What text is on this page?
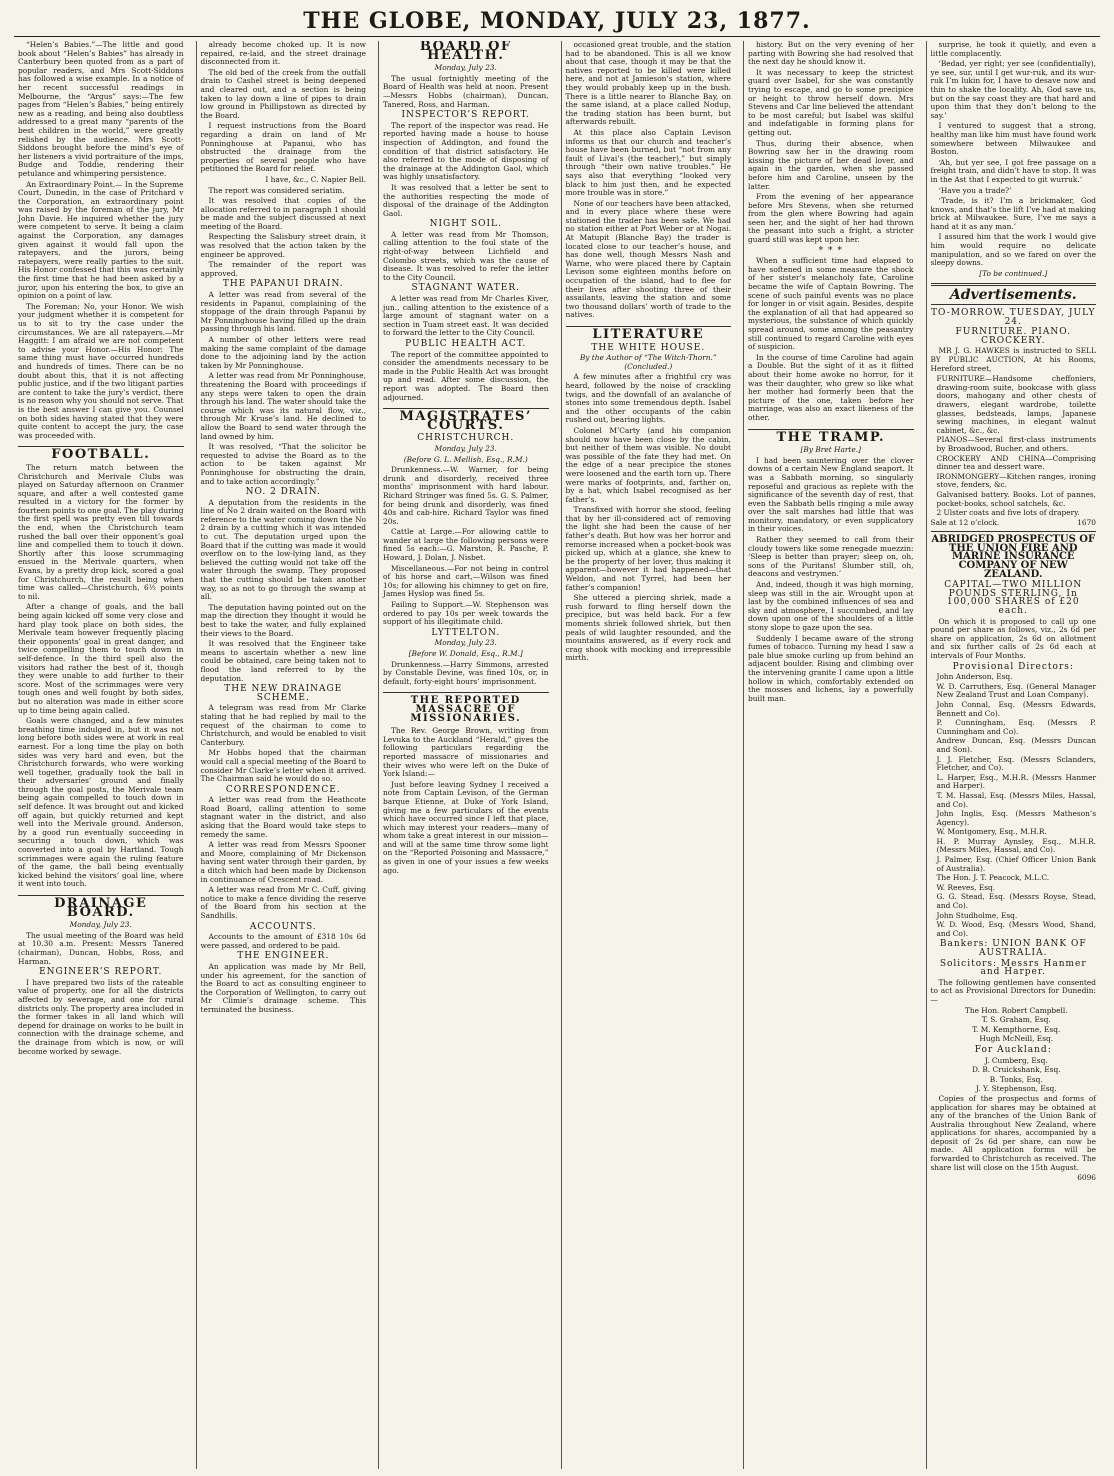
THE GLOBE, MONDAY, JULY 23, 1877.

“Helen’s Babies.”—The little and good book about “Helen’s Babies” has already in Canterbury been quoted from as a part of popular readers, and Mrs Scott-Siddons has followed a wise example. In a notice of her recent successful readings in Melbourne, the “Argus” says:—The few pages from “Helen’s Babies,” being entirely new as a reading, and being also doubtless addressed to a great many “parents of the best children in the world,” were greatly relished by the audience. Mrs Scott-Siddons brought before the mind’s eye of her listeners a vivid portraiture of the imps, Budge and Toddie, rendering their petulance and whimpering persistence.

An Extraordinary Point.— In the Supreme Court, Dunedin, in the case of Pritchard v the Corporation, an extraordinary point was raised by the foreman of the jury, Mr John Davie. He inquired whether the jury were competent to serve. It being a claim against the Corporation, any damages given against it would fall upon the ratepayers, and the jurors, being ratepayers, were really parties to the suit. His Honor confessed that this was certainly the first time that he had been asked by a juror, upon his entering the box, to give an opinion on a point of law.

The Foreman: No, your Honor. We wish your judgment whether it is competent for us to sit to try the case under the circumstances. We are all ratepayers.—Mr Haggitt: I am afraid we are not competent to advise your Honor.—His Honor: The same thing must have occurred hundreds and hundreds of times. There can be no doubt about this, that it is not affecting public justice, and if the two litigant parties are content to take the jury’s verdict, there is no reason why you should not serve. That is the best answer I can give you. Counsel on both sides having stated that they were quite content to accept the jury, the case was proceeded with.

FOOTBALL.

The return match between the Christchurch and Merivale Clubs was played on Saturday afternoon on Cranmer square, and after a well contested game resulted in a victory for the former by fourteen points to one goal. The play during the first spell was pretty even till towards the end, when the Christchurch team rushed the ball over their opponent’s goal line and compelled them to touch it down. Shortly after this loose scrummaging ensued in the Merivale quarters, when Evans, by a pretty drop kick, scored a goal for Christchurch, the result being when time was called—Christchurch, 6½ points to nil.

After a change of goals, and the ball being again kicked off some very close and hard play took place on both sides, the Merivale team however frequently placing their opponents’ goal in great danger, and twice compelling them to touch down in self-defence. In the third spell also the visitors had rather the best of it, though they were unable to add further to their score. Most of the scrimmages were very tough ones and well fought by both sides, but no alteration was made in either score up to time being again called.

Goals were changed, and a few minutes breathing time indulged in, but it was not long before both sides were at work in real earnest. For a long time the play on both sides was very hard and even, but the Christchurch forwards, who were working well together, gradually took the ball in their adversaries’ ground and finally through the goal posts, the Merivale team being again compelled to touch down in self defence. It was brought out and kicked off again, but quickly returned and kept well into the Merivale ground. Anderson, by a good run eventually succeeding in securing a touch down, which was converted into a goal by Hartland. Tough scrimmages were again the ruling feature of the game, the ball being eventually kicked behind the visitors’ goal line, where it went into touch.

DRAINAGE BOARD.
Monday, July 23.

The usual meeting of the Board was held at 10.30 a.m. Present: Messrs Tanered (chairman), Duncan, Hobbs, Ross, and Harman.

ENGINEER’S REPORT.

I have prepared two lists of the rateable value of property, one for all the districts affected by sewerage, and one for rural districts only. The property area included in the former takes in all land which will depend for drainage on works to be built in connection with the drainage scheme, and the drainage from which is now, or will become worked by sewage.

already become choked up. It is now repaired, re-laid, and the street drainage disconnected from it.

The old bed of the creek from the outfall drain to Cashel street is being deepened and cleared out, and a section is being taken to lay down a line of pipes to drain low ground in Phillipstown as directed by the Board.

I request instructions from the Board regarding a drain on land of Mr Ponninghouse at Papanui, who has obstructed the drainage from the properties of several people who have petitioned the Board for relief.

I have, &c., C. Napier Bell.

The report was considered seriatim.

It was resolved that copies of the allocation referred to in paragraph 1 should be made and the subject discussed at next meeting of the Board.

Respecting the Salisbury street drain, it was resolved that the action taken by the engineer be approved.

The remainder of the report was approved.

THE PAPANUI DRAIN.

A letter was read from several of the residents in Papanui, complaining of the stoppage of the drain through Papanui by Mr Ponninghouse having filled up the drain passing through his land.

A number of other letters were read making the same complaint of the damage done to the adjoining land by the action taken by Mr Ponninghouse.

A letter was read from Mr Ponninghouse, threatening the Board with proceedings if any steps were taken to open the drain through his land. The water should take the course which was its natural flow, viz., through Mr Kruse’s land. He declined to allow the Board to send water through the land owned by him.

It was resolved, “That the solicitor be requested to advise the Board as to the action to be taken against Mr Ponninghouse for obstructing the drain, and to take action accordingly.”

NO. 2 DRAIN.

A deputation from the residents in the line of No 2 drain waited on the Board with reference to the water coming down the No 2 drain by a cutting which it was intended to cut. The deputation urged upon the Board that if the cutting was made it would overflow on to the low-lying land, as they believed the cutting would not take off the water through the swamp. They proposed that the cutting should be taken another way, so as not to go through the swamp at all.

The deputation having pointed out on the map the direction they thought it would be best to take the water, and fully explained their views to the Board.

It was resolved that the Engineer take means to ascertain whether a new line could be obtained, care being taken not to flood the land referred to by the deputation.

THE NEW DRAINAGE SCHEME.

A telegram was read from Mr Clarke stating that he had replied by mail to the request of the chairman to come to Christchurch, and would be enabled to visit Canterbury.

Mr Hobbs hoped that the chairman would call a special meeting of the Board to consider Mr Clarke’s letter when it arrived. The Chairman said he would do so.

CORRESPONDENCE.

A letter was read from the Heathcote Road Board, calling attention to some stagnant water in the district, and also asking that the Board would take steps to remedy the same.

A letter was read from Messrs Spooner and Moore, complaining of Mr Dickenson having sent water through their garden, by a ditch which had been made by Dickenson in continuance of Crescent road.

A letter was read from Mr C. Cuff, giving notice to make a fence dividing the reserve of the Board from his section at the Sandhills.

ACCOUNTS.

Accounts to the amount of £318 10s 6d were passed, and ordered to be paid.

THE ENGINEER.

An application was made by Mr Bell, under his agreement, for the sanction of the Board to act as consulting engineer to the Corporation of Wellington, to carry out Mr Climie’s drainage scheme. This terminated the business.

BOARD OF HEALTH.
Monday, July 23.

The usual fortnightly meeting of the Board of Health was held at noon. Present—Messrs Hobbs (chairman), Duncan, Tanered, Ross, and Harman.

INSPECTOR’S REPORT.

The report of the inspector was read. He reported having made a house to house inspection of Addington, and found the condition of that district satisfactory. He also referred to the mode of disposing of the drainage at the Addington Gaol, which was highly unsatisfactory.

It was resolved that a letter be sent to the authorities respecting the mode of disposal of the drainage of the Addington Gaol.

NIGHT SOIL.

A letter was read from Mr Thomson, calling attention to the foul state of the right-of-way between Lichfield and Colombo streets, which was the cause of disease. It was resolved to refer the letter to the City Council.

STAGNANT WATER.

A letter was read from Mr Charles Kiver, jun., calling attention to the existence of a large amount of stagnant water on a section in Tuam street east. It was decided to forward the letter to the City Council.

PUBLIC HEALTH ACT.

The report of the committee appointed to consider the amendments necessary to be made in the Public Health Act was brought up and read. After some discussion, the report was adopted. The Board then adjourned.

MAGISTRATES’ COURTS.
CHRISTCHURCH.
Monday, July 23.
(Before G. L. Mellish, Esq., R.M.)

Drunkenness.—W. Warner, for being drunk and disorderly, received three months’ imprisonment with hard labour. Richard Stringer was fined 5s. G. S. Palmer, for being drunk and disorderly, was fined 40s and cab-hire. Richard Taylor was fined 20s.

Cattle at Large.—For allowing cattle to wander at large the following persons were fined 5s each:—G. Marston, R. Pasche, P. Howard, J. Dolan, J. Nisbet.

Miscellaneous.—For not being in control of his horse and cart,—Wilson was fined 10s; for allowing his chimney to get on fire, James Hyslop was fined 5s.

Failing to Support.—W. Stephenson was ordered to pay 10s per week towards the support of his illegitimate child.

LYTTELTON.
Monday, July 23.
[Before W. Donald, Esq., R.M.]

Drunkenness.—Harry Simmons, arrested by Constable Devine, was fined 10s, or, in default, forty-eight hours’ imprisonment.

THE REPORTED MASSACRE OF MISSIONARIES.

The Rev. George Brown, writing from Levuka to the Auckland “Herald,” gives the following particulars regarding the reported massacre of missionaries and their wives who were left on the Duke of York Island:—

Just before leaving Sydney I received a note from Captain Levison, of the German barque Etienne, at Duke of York Island, giving me a few particulars of the events which have occurred since I left that place, which may interest your readers—many of whom take a great interest in our mission—and will at the same time throw some light on the “Reported Poisoning and Massacre,” as given in one of your issues a few weeks ago.

occasioned great trouble, and the station had to be abandoned. This is all we know about that case, though it may be that the natives reported to be killed were killed here, and not at Jamieson’s station, where they would probably keep up in the bush. There is a little nearer to Blanche Bay, on the same island, at a place called Nodup, the trading station has been burnt, but afterwards rebuilt.

At this place also Captain Levison informs us that our church and teacher’s house have been burned, but “not from any fault of Livai’s (the teacher),” but simply through “their own native troubles.” He says also that everything “looked very black to him just then, and he expected more trouble was in store.”

None of our teachers have been attacked, and in every place where these were stationed the trader has been safe. We had no station either at Port Weber or at Nogai. At Matupit (Blanche Bay) the trader is located close to our teacher’s house, and has done well, though Messrs Nash and Warne, who were placed there by Captain Levison some eighteen months before on occupation of the island, had to flee for their lives after shooting three of their assailants, leaving the station and some two thousand dollars’ worth of trade to the natives.

LITERATURE
THE WHITE HOUSE.
By the Author of “The Witch-Thorn.” (Concluded.)

A few minutes after a frightful cry was heard, followed by the noise of crackling twigs, and the downfall of an avalanche of stones into some tremendous depth. Isabel and the other occupants of the cabin rushed out, bearing lights.

Colonel M’Carty (and his companion should now have been close by the cabin, but neither of them was visible. No doubt was possible of the fate they had met. On the edge of a near precipice the stones were loosened and the earth torn up. There were marks of footprints, and, farther on, by a hat, which Isabel recognised as her father’s.

Transfixed with horror she stood, feeling that by her ill-considered act of removing the light she had been the cause of her father’s death. But how was her horror and remorse increased when a pocket-book was picked up, which at a glance, she knew to be the property of her lover, thus making it apparent—however it had happened—that Weldon, and not Tyrrel, had been her father’s companion!

She uttered a piercing shriek, made a rush forward to fling herself down the precipice, but was held back. For a few moments shriek followed shriek, but then peals of wild laughter resounded, and the mountains answered, as if every rock and crag shook with mocking and irrepressible mirth.

history. But on the very evening of her parting with Bowring she had resolved that the next day he should know it.

It was necessary to keep the strictest guard over Isabel, for she was constantly trying to escape, and go to some precipice or height to throw herself down. Mrs Stevens and Car line believed the attendant to be most careful; but Isabel was skilful and indefatigable in forming plans for getting out.

Thus, during their absence, when Bowring saw her in the drawing room kissing the picture of her dead lover, and again in the garden, when she passed before him and Caroline, unseen by the latter.

From the evening of her appearance before Mrs Stevens, when she returned from the glen where Bowring had again seen her, and the sight of her had thrown the peasant into such a fright, a stricter guard still was kept upon her.

* * *

When a sufficient time had elapsed to have softened in some measure the shock of her sister’s melancholy fate, Caroline became the wife of Captain Bowring. The scene of such painful events was no place for longer in or visit again. Besides, despite the explanation of all that had appeared so mysterious, the substance of which quickly spread around, some among the peasantry still continued to regard Caroline with eyes of suspicion.

In the course of time Caroline had again a Double. But the sight of it as it flitted about their home awoke no horror, for it was their daughter, who grew so like what her mother had formerly been that the picture of the one, taken before her marriage, was also an exact likeness of the other.

THE TRAMP.
[By Bret Harte.]

I had been sauntering over the clover downs of a certain New England seaport. It was a Sabbath morning, so singularly reposeful and gracious as replete with the significance of the seventh day of rest, that even the Sabbath bells ringing a mile away over the salt marshes had little that was monitory, mandatory, or even supplicatory in their voices.

Rather they seemed to call from their cloudy towers like some renegade muezzin: ‘Sleep is better than prayer; sleep on, oh, sons of the Puritans! Slumber still, oh, deacons and vestrymen.’

And, indeed, though it was high morning, sleep was still in the air. Wrought upon at last by the combined influences of sea and sky and atmosphere, I succumbed, and lay down upon one of the shoulders of a little stony slope to gaze upon the sea.

Suddenly I became aware of the strong fumes of tobacco. Turning my head I saw a pale blue smoke curling up from behind an adjacent boulder. Rising and climbing over the intervening granite I came upon a little hollow in which, comfortably extended on the mosses and lichens, lay a powerfully built man.

surprise, he took it quietly, and even a little complacently.

‘Bedad, yer right; yer see (confidentially), ye see, sur, until I get wur-ruk, and its wur-ruk I’m lukin for, I have to desave now and thin to shake the locality. Ah, God save us, but on the say coast they are that hard and upon thim that they don’t belong to the say.’

I ventured to suggest that a strong, healthy man like him must have found work somewhere between Milwaukee and Boston.

‘Ah, but yer see, I got free passage on a freight train, and didn’t have to stop. It was in the Ast that I expected to git wurruk.’

‘Have you a trade?’

‘Trade, is it? I’m a brickmaker, God knows, and that’s the lift I’ve had at making brick at Milwaukee. Sure, I’ve me says a hand at it as any man.’

I assured him that the work I would give him would require no delicate manipulation, and so we fared on over the sleepy downs.

[To be continued.]
Advertisements.
TO-MORROW. TUESDAY, JULY 24.
FURNITURE. PIANO. CROCKERY.

MR J. G. HAWKES is instructed to SELL BY PUBLIC AUCTION, At his Rooms, Hereford street,

FURNITURE—Handsome cheffoniers, drawing-room suite, bookcase with glass doors, mahogany and other chests of drawers, elegant wardrobe, toilette glasses, bedsteads, lamps, Japanese sewing machines, in elegant walnut cabinet, &c., &c.
PIANOS—Several first-class instruments by Broadwood, Bucher, and others.
CROCKERY AND CHINA—Comprising dinner tea and dessert ware.
IRONMONGERY—Kitchen ranges, ironing stove, fenders, &c.
Galvanised battery. Books. Lot of pannes, pocket-books, school satchels, &c.
2 Ulster coats and five lots of drapery.
Sale at 12 o’clock.	1670
ABRIDGED PROSPECTUS OF THE UNION FIRE AND MARINE INSURANCE COMPANY OF NEW ZEALAND.
CAPITAL—TWO MILLION POUNDS STERLING, In 100,000 SHARES of £20 each.

On which it is proposed to call up one pound per share as follows, viz., 2s 6d per share on application, 2s 6d on allotment and six further calls of 2s 6d each at intervals of Four Months.

Provisional Directors:
John Anderson, Esq.
W. D. Carruthers, Esq. (General Manager New Zealand Trust and Loan Company).
John Connal, Esq. (Messrs Edwards, Bennett and Co).
P. Cunningham, Esq. (Messrs P. Cunningham and Co).
Andrew Duncan, Esq. (Messrs Duncan and Son).
J. J. Fletcher, Esq. (Messrs Sclanders, Fletcher, and Co).
L. Harper, Esq., M.H.R. (Messrs Hanmer and Harper).
T. M. Hassal, Esq. (Messrs Miles, Hassal, and Co).
John Inglis, Esq. (Messrs Matheson’s Agency).
W. Montgomery, Esq., M.H.R.
H. P. Murray Aynsley, Esq., M.H.R. (Messrs Miles, Hassal, and Co).
J. Palmer, Esq. (Chief Officer Union Bank of Australia).
The Hon. J. T. Peacock, M.L.C.
W. Reeves, Esq.
G. G. Stead, Esq. (Messrs Royse, Stead, and Co).
John Studholme, Esq.
W. D. Wood, Esq. (Messrs Wood, Shand, and Co).
Bankers: UNION BANK OF AUSTRALIA.
Solicitors: Messrs Hanmer and Harper.

The following gentlemen have consented to act as Provisional Directors for Dunedin:—

The Hon. Robert Campbell.
T. S. Graham, Esq.
T. M. Kempthorne, Esq.
Hugh McNeill, Esq.
For Auckland:
J. Cumberg, Esq.
D. B. Cruickshank, Esq.
B. Tonks, Esq.
J. Y. Stephenson, Esq.

Copies of the prospectus and forms of application for shares may be obtained at any of the branches of the Union Bank of Australia throughout New Zealand, where applications for shares, accompanied by a deposit of 2s 6d per share, can now be made. All application forms will be forwarded to Christchurch as received. The share list will close on the 15th August.

6096
